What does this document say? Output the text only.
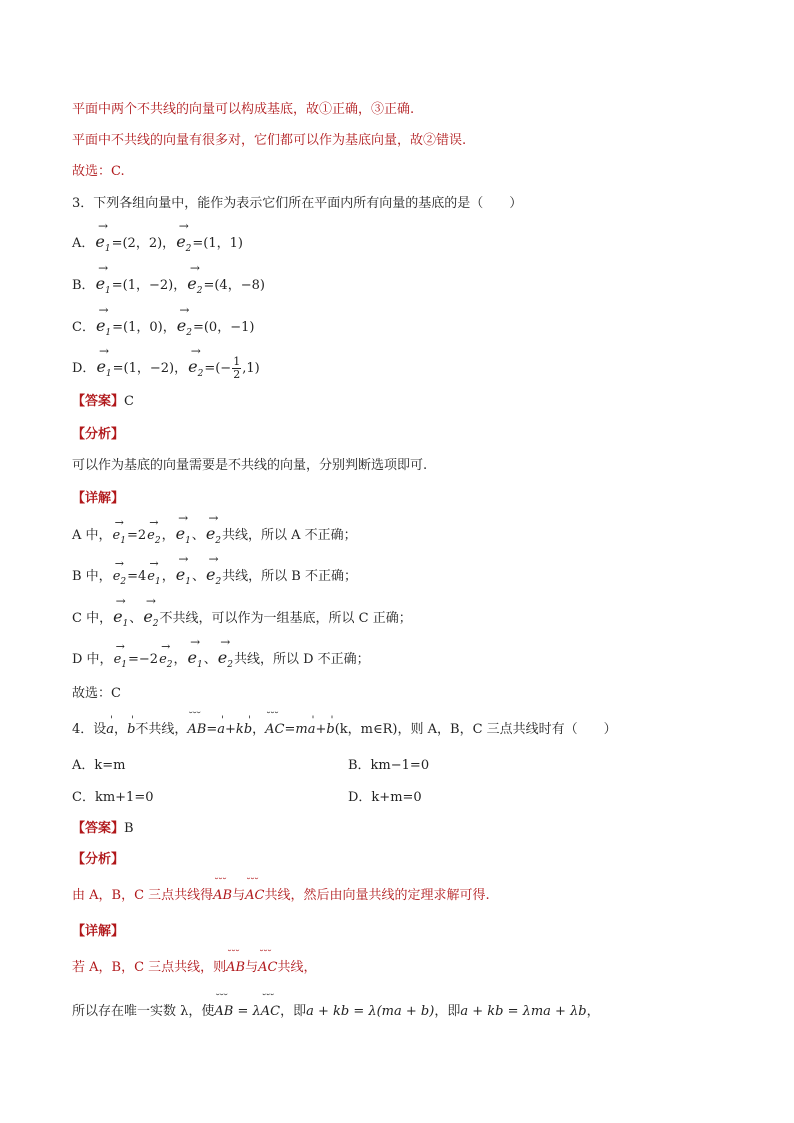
平面中两个不共线的向量可以构成基底，故①正确，③正确.
平面中不共线的向量有很多对，它们都可以作为基底向量，故②错误.
故选：C.
3．下列各组向量中，能作为表示它们所在平面内所有向量的基底的是（　　）
A．→ $e_1=(2$，2)，→ $e_2=(1$，1)
B．→ $e_1=(1$，−2)，→ $e_2=(4$，−8)
C．→ $e_1=(1$，0)，→ $e_2=(0$，−1)
D．→ $e_1=(1$，−2)，→ $e_2=(- \frac{1}{2} ,1)$
【答案】C
【分析】
可以作为基底的向量需要是不共线的向量，分别判断选项即可.
【详解】
A 中，→ $e_1=2\to e_2$，→ $e_1$、→ $e_2$共线，所以 A 不正确；
B 中，→ $e_2=4\to e_1$，→ $e_1$、→ $e_2$共线，所以 B 不正确；
C 中，→ $e_1$、→ $e_2$不共线，可以作为一组基底，所以 C 正确；
D 中，→ $e_1=-2\to e_2$，→ $e_1$、→ $e_2$共线，所以 D 不正确；
故选：C
4．设' a，' b不共线，˘˘˘ AB=' a+k' b，˘˘˘ AC=m' a+' b(k，m∈R)，则 A，B，C 三点共线时有（　　）
A．k=m	B．km−1=0
C．km+1=0	D．k+m=0
【答案】B
【分析】
由 A，B，C 三点共线得˘˘˘ AB与˘˘˘ AC共线，然后由向量共线的定理求解可得.
【详解】
若 A，B，C 三点共线，则˘˘˘ AB与˘˘˘ AC共线，
所以存在唯一实数 λ，使˘˘˘ AB = λ˘˘˘ AC，即a + kb = λ(ma + b)，即a + kb = λma + λb，
